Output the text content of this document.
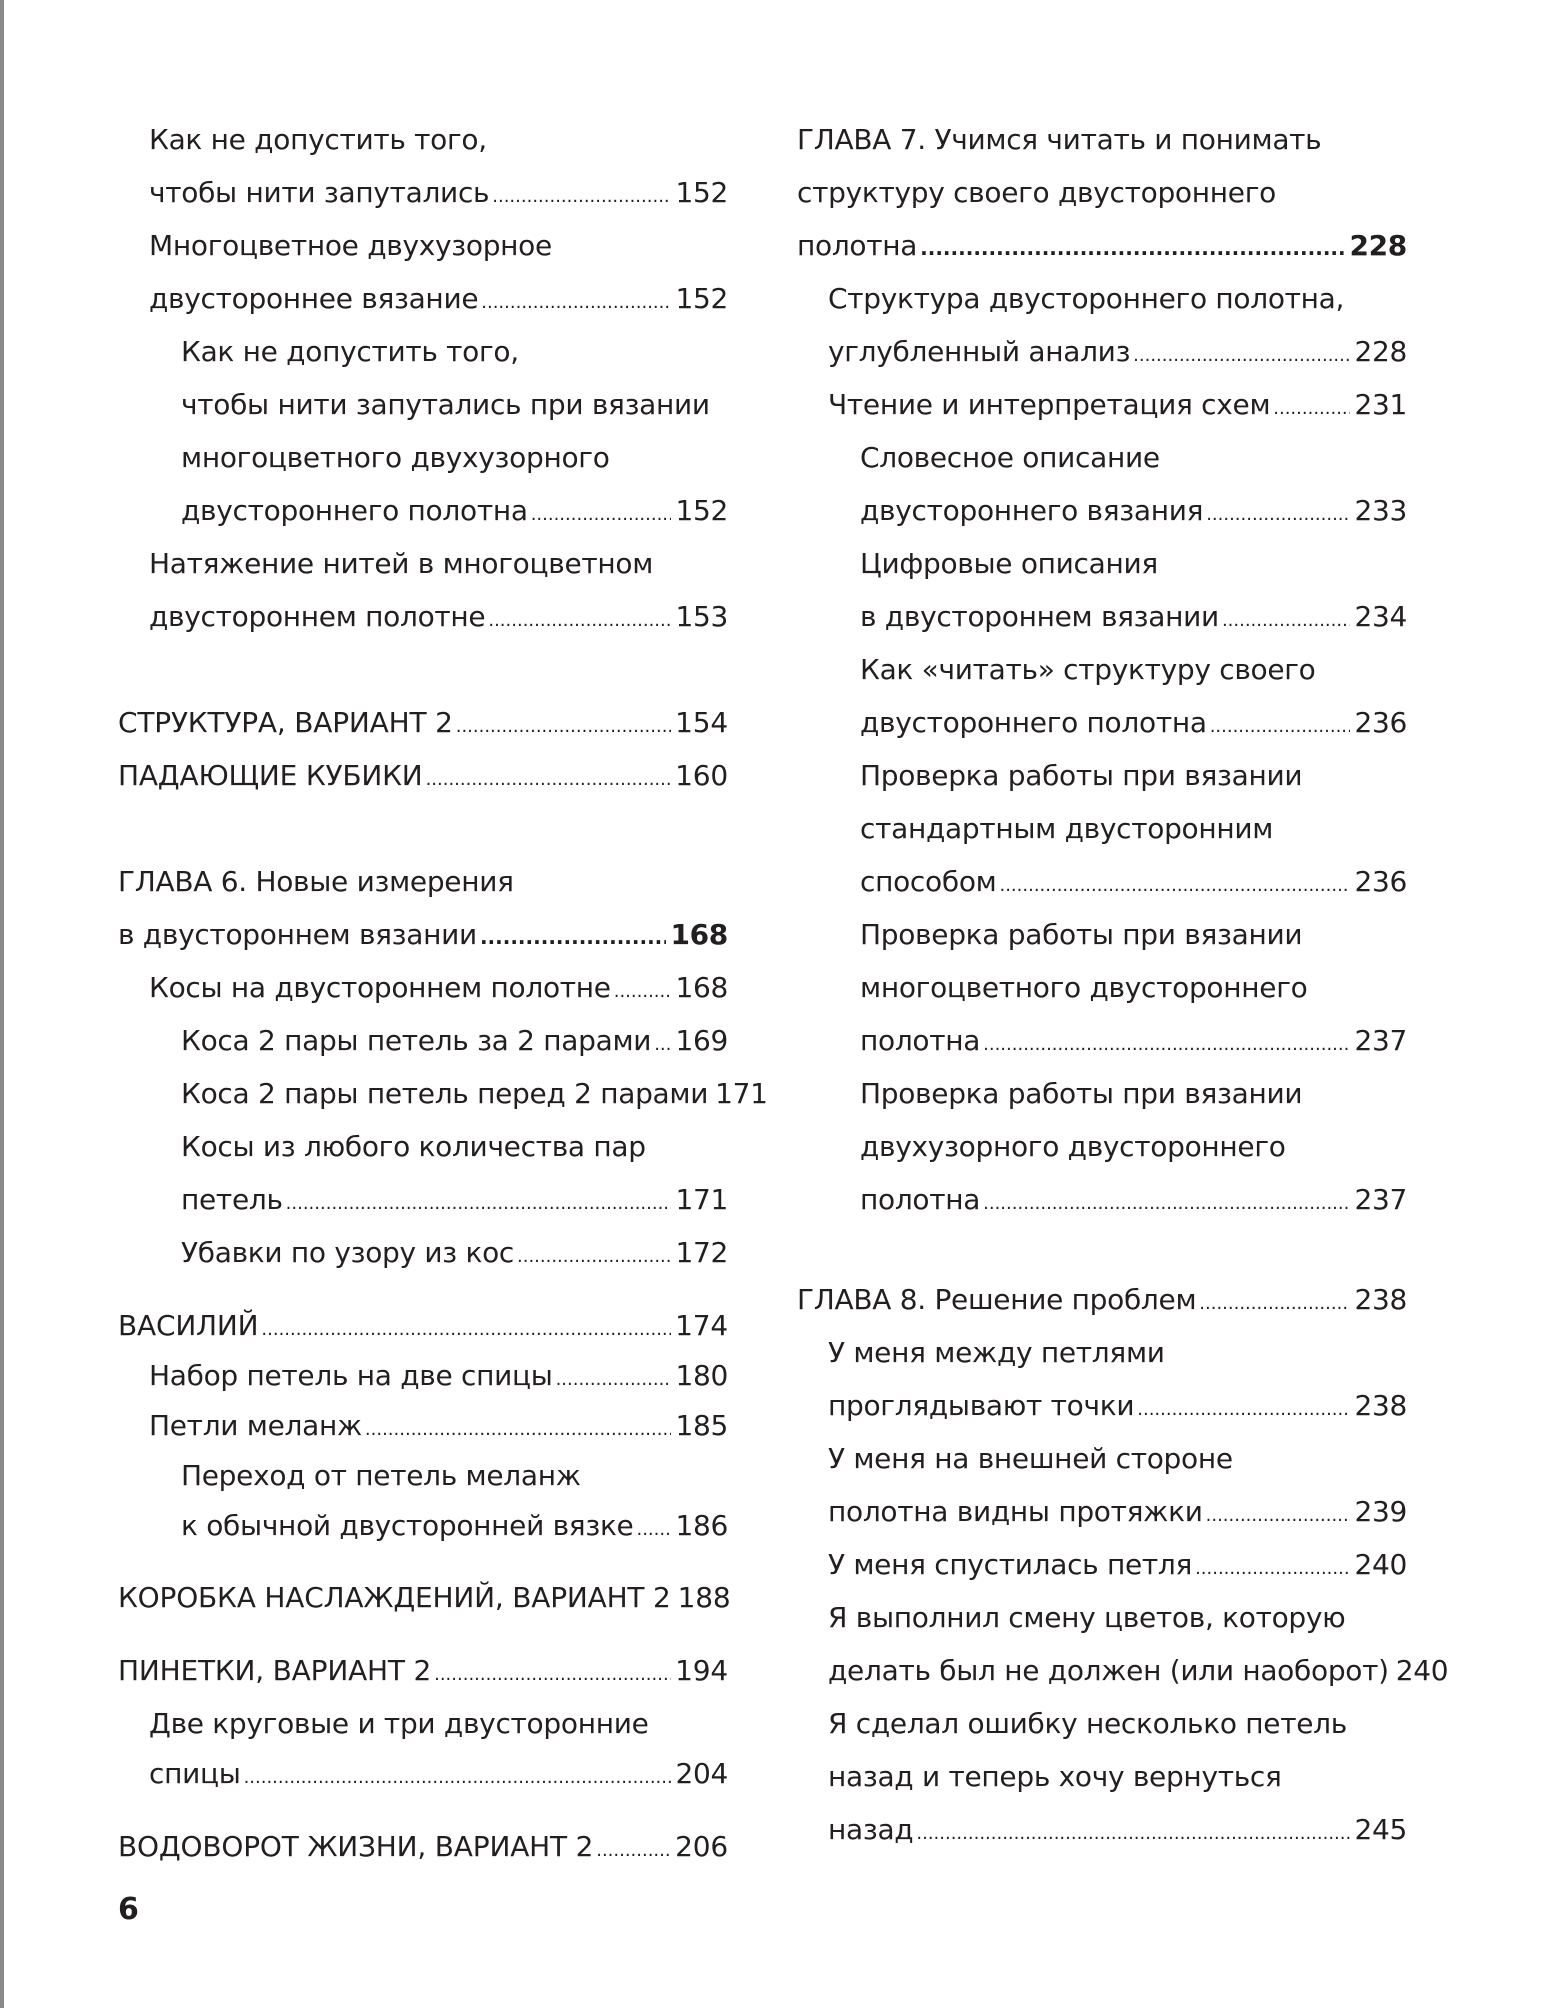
Как не допустить того,
чтобы нити запутались .....	152
Многоцветное двухузорное
двустороннее вязание .....	152
Как не допустить того,
чтобы нити запутались при вязании
многоцветного двухузорного
двустороннего полотна .....	152
Натяжение нитей в многоцветном
двустороннем полотне .....	153
СТРУКТУРА, ВАРИАНТ 2 .....	154
ПАДАЮЩИЕ КУБИКИ .....	160
ГЛАВА 6. Новые измерения
в двустороннем вязании .....	168
Косы на двустороннем полотне ..... 168
Коса 2 пары петель за 2 парами ..... 169
Коса 2 пары петель перед 2 парами 171
Косы из любого количества пар
петель .....	171
Убавки по узору из кос .....	172
ВАСИЛИЙ .....	174
Набор петель на две спицы .....	180
Петли меланж .....	185
Переход от петель меланж
к обычной двусторонней вязке ..... 186
КОРОБКА НАСЛАЖДЕНИЙ, ВАРИАНТ 2 188
ПИНЕТКИ, ВАРИАНТ 2 .....	194
Две круговые и три двусторонние
спицы .....	204
ВОДОВОРОТ ЖИЗНИ, ВАРИАНТ 2 .....	206
ГЛАВА 7. Учимся читать и понимать
структуру своего двустороннего
полотна .....	228
Структура двустороннего полотна,
углубленный анализ .....	228
Чтение и интерпретация схем .....	231
Словесное описание
двустороннего вязания .....	233
Цифровые описания
в двустороннем вязании .....	234
Как «читать» структуру своего
двустороннего полотна .....	236
Проверка работы при вязании
стандартным двусторонним
способом .....	236
Проверка работы при вязании
многоцветного двустороннего
полотна .....	237
Проверка работы при вязании
двухузорного двустороннего
полотна .....	237
ГЛАВА 8. Решение проблем .....	238
У меня между петлями
проглядывают точки .....	238
У меня на внешней стороне
полотна видны протяжки .....	239
У меня спустилась петля .....	240
Я выполнил смену цветов, которую
делать был не должен (или наоборот) 240
Я сделал ошибку несколько петель
назад и теперь хочу вернуться
назад .....	245
6
